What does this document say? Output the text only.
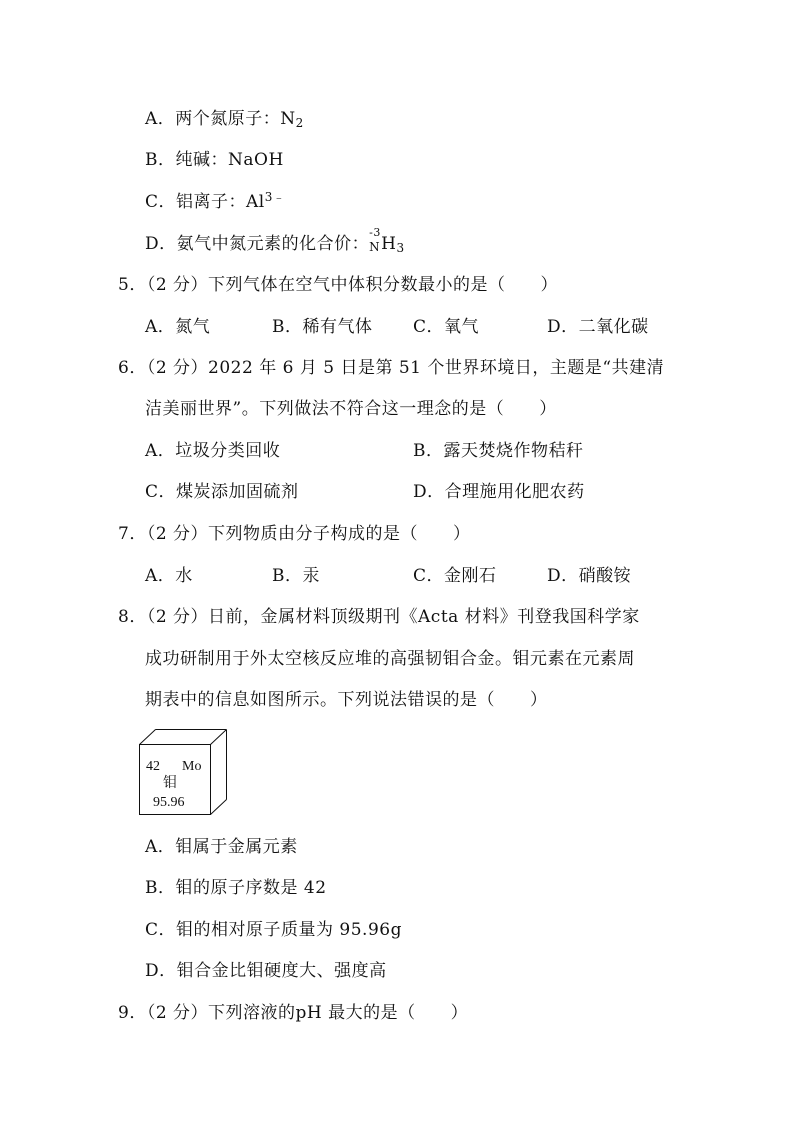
A．两个氮原子：$N_2$
B．纯碱：NaOH
C．铝离子：$Al^{3﹣}$
D．氨气中氮元素的化合价：
-3
N $H_3$
5．（2 分）下列气体在空气中体积分数最小的是（　　）
A．氮气	B．稀有气体 C．氧气	D．二氧化碳
6．（2 分）2022 年 6 月 5 日是第 51 个世界环境日，主题是“共建清
洁美丽世界”。下列做法不符合这一理念的是（　　）
A．垃圾分类回收	B．露天焚烧作物秸秆
C．煤炭添加固硫剂	D．合理施用化肥农药
7．（2 分）下列物质由分子构成的是（　　）
A．水	B．汞	C．金刚石	D．硝酸铵
8．（2 分）日前，金属材料顶级期刊《Acta 材料》刊登我国科学家
成功研制用于外太空核反应堆的高强韧钼合金。钼元素在元素周
期表中的信息如图所示。下列说法错误的是（　　）
42 Mo
钼
95.96
A．钼属于金属元素
B．钼的原子序数是 42
C．钼的相对原子质量为 95.96g
D．钼合金比钼硬度大、强度高
9．（2 分）下列溶液的pH 最大的是（　　）
